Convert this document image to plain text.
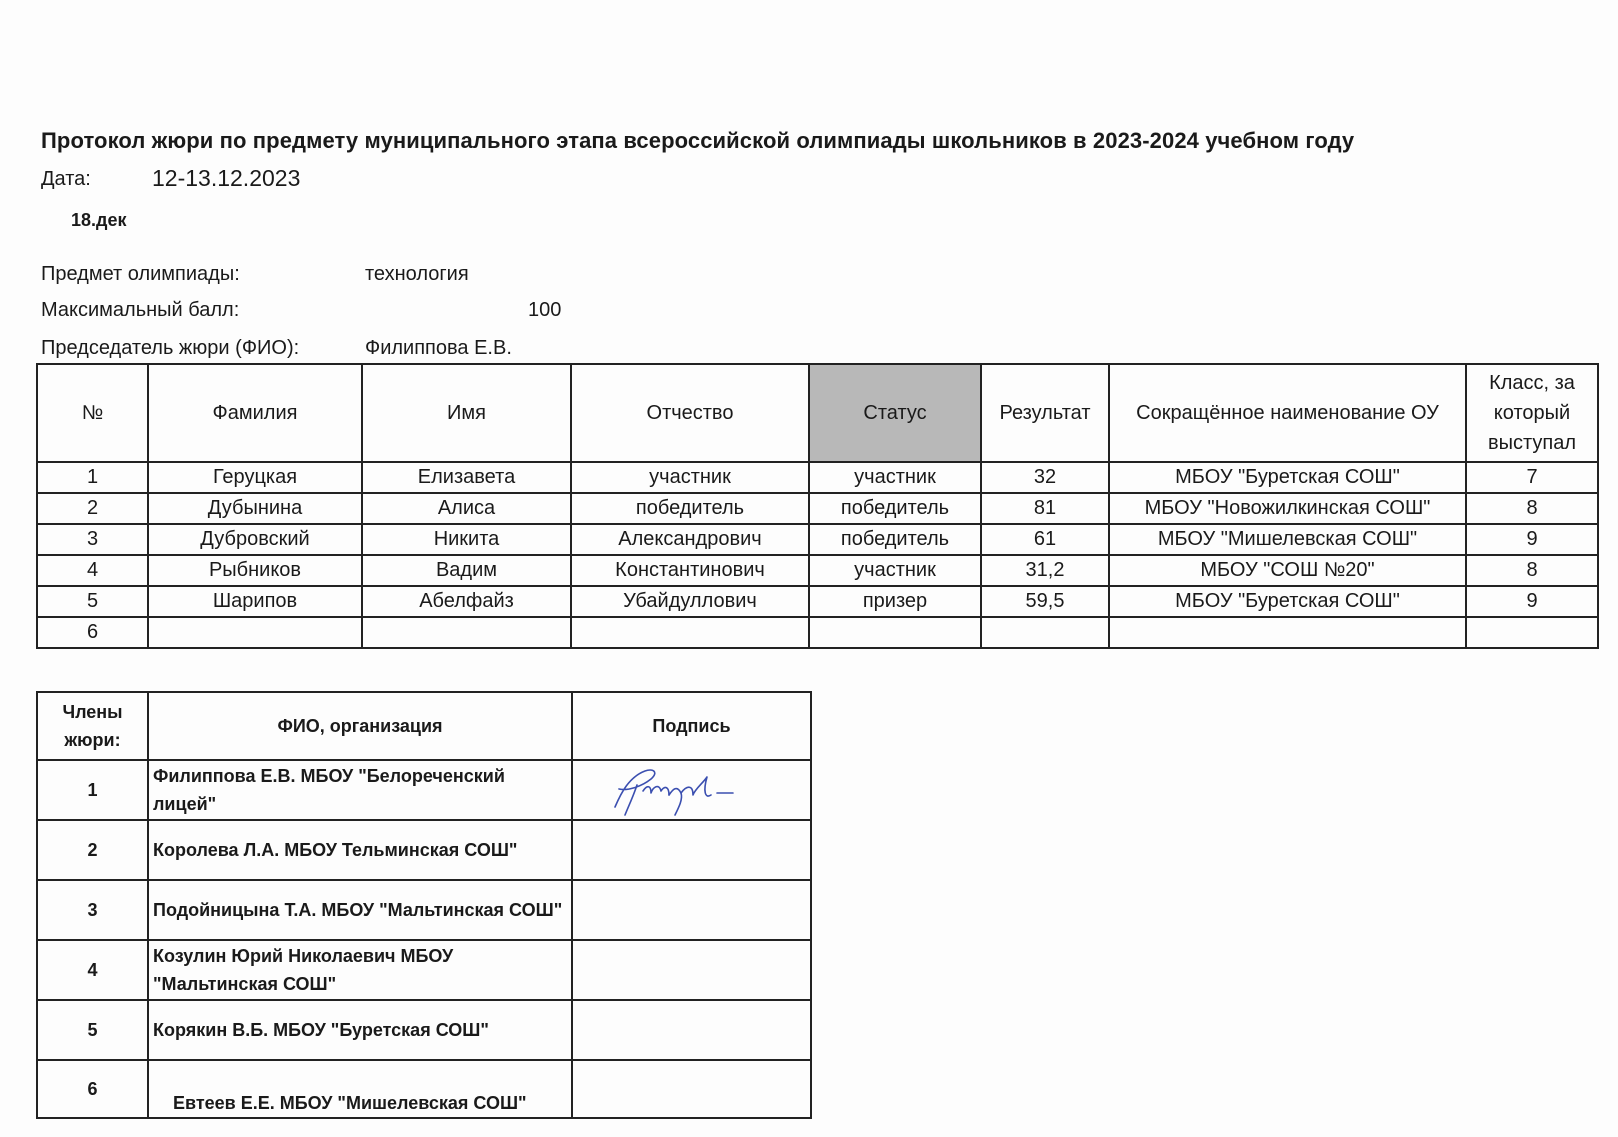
Протокол жюри по предмету муниципального этапа всероссийской олимпиады школьников в 2023-2024 учебном году
Дата:	12-13.12.2023
18.дек
Предмет олимпиады:	технология
Максимальный балл:	100
Председатель жюри (ФИО):	Филиппова Е.В.
№	Фамилия	Имя	Отчество	Статус	Результат	Сокращённое наименование ОУ	Класс, за который выступал
1	Геруцкая	Елизавета	участник	участник	32	МБОУ "Буретская СОШ"	7
2	Дубынина	Алиса	победитель	победитель	81	МБОУ "Новожилкинская СОШ"	8
3	Дубровский	Никита	Александрович	победитель	61	МБОУ "Мишелевская СОШ"	9
4	Рыбников	Вадим	Константинович	участник	31,2	МБОУ "СОШ №20"	8
5	Шарипов	Абелфайз	Убайдуллович	призер	59,5	МБОУ "Буретская СОШ"	9
6							
Члены жюри:	ФИО, организация	Подпись
1	Филиппова Е.В. МБОУ "Белореченский лицей"	

2	Королева Л.А. МБОУ Тельминская СОШ"	
3	Подойницына Т.А. МБОУ "Мальтинская СОШ"	
4	Козулин Юрий Николаевич МБОУ "Мальтинская СОШ"	
5	Корякин В.Б. МБОУ "Буретская СОШ"	
6	Евтеев Е.Е. МБОУ "Мишелевская СОШ"	
